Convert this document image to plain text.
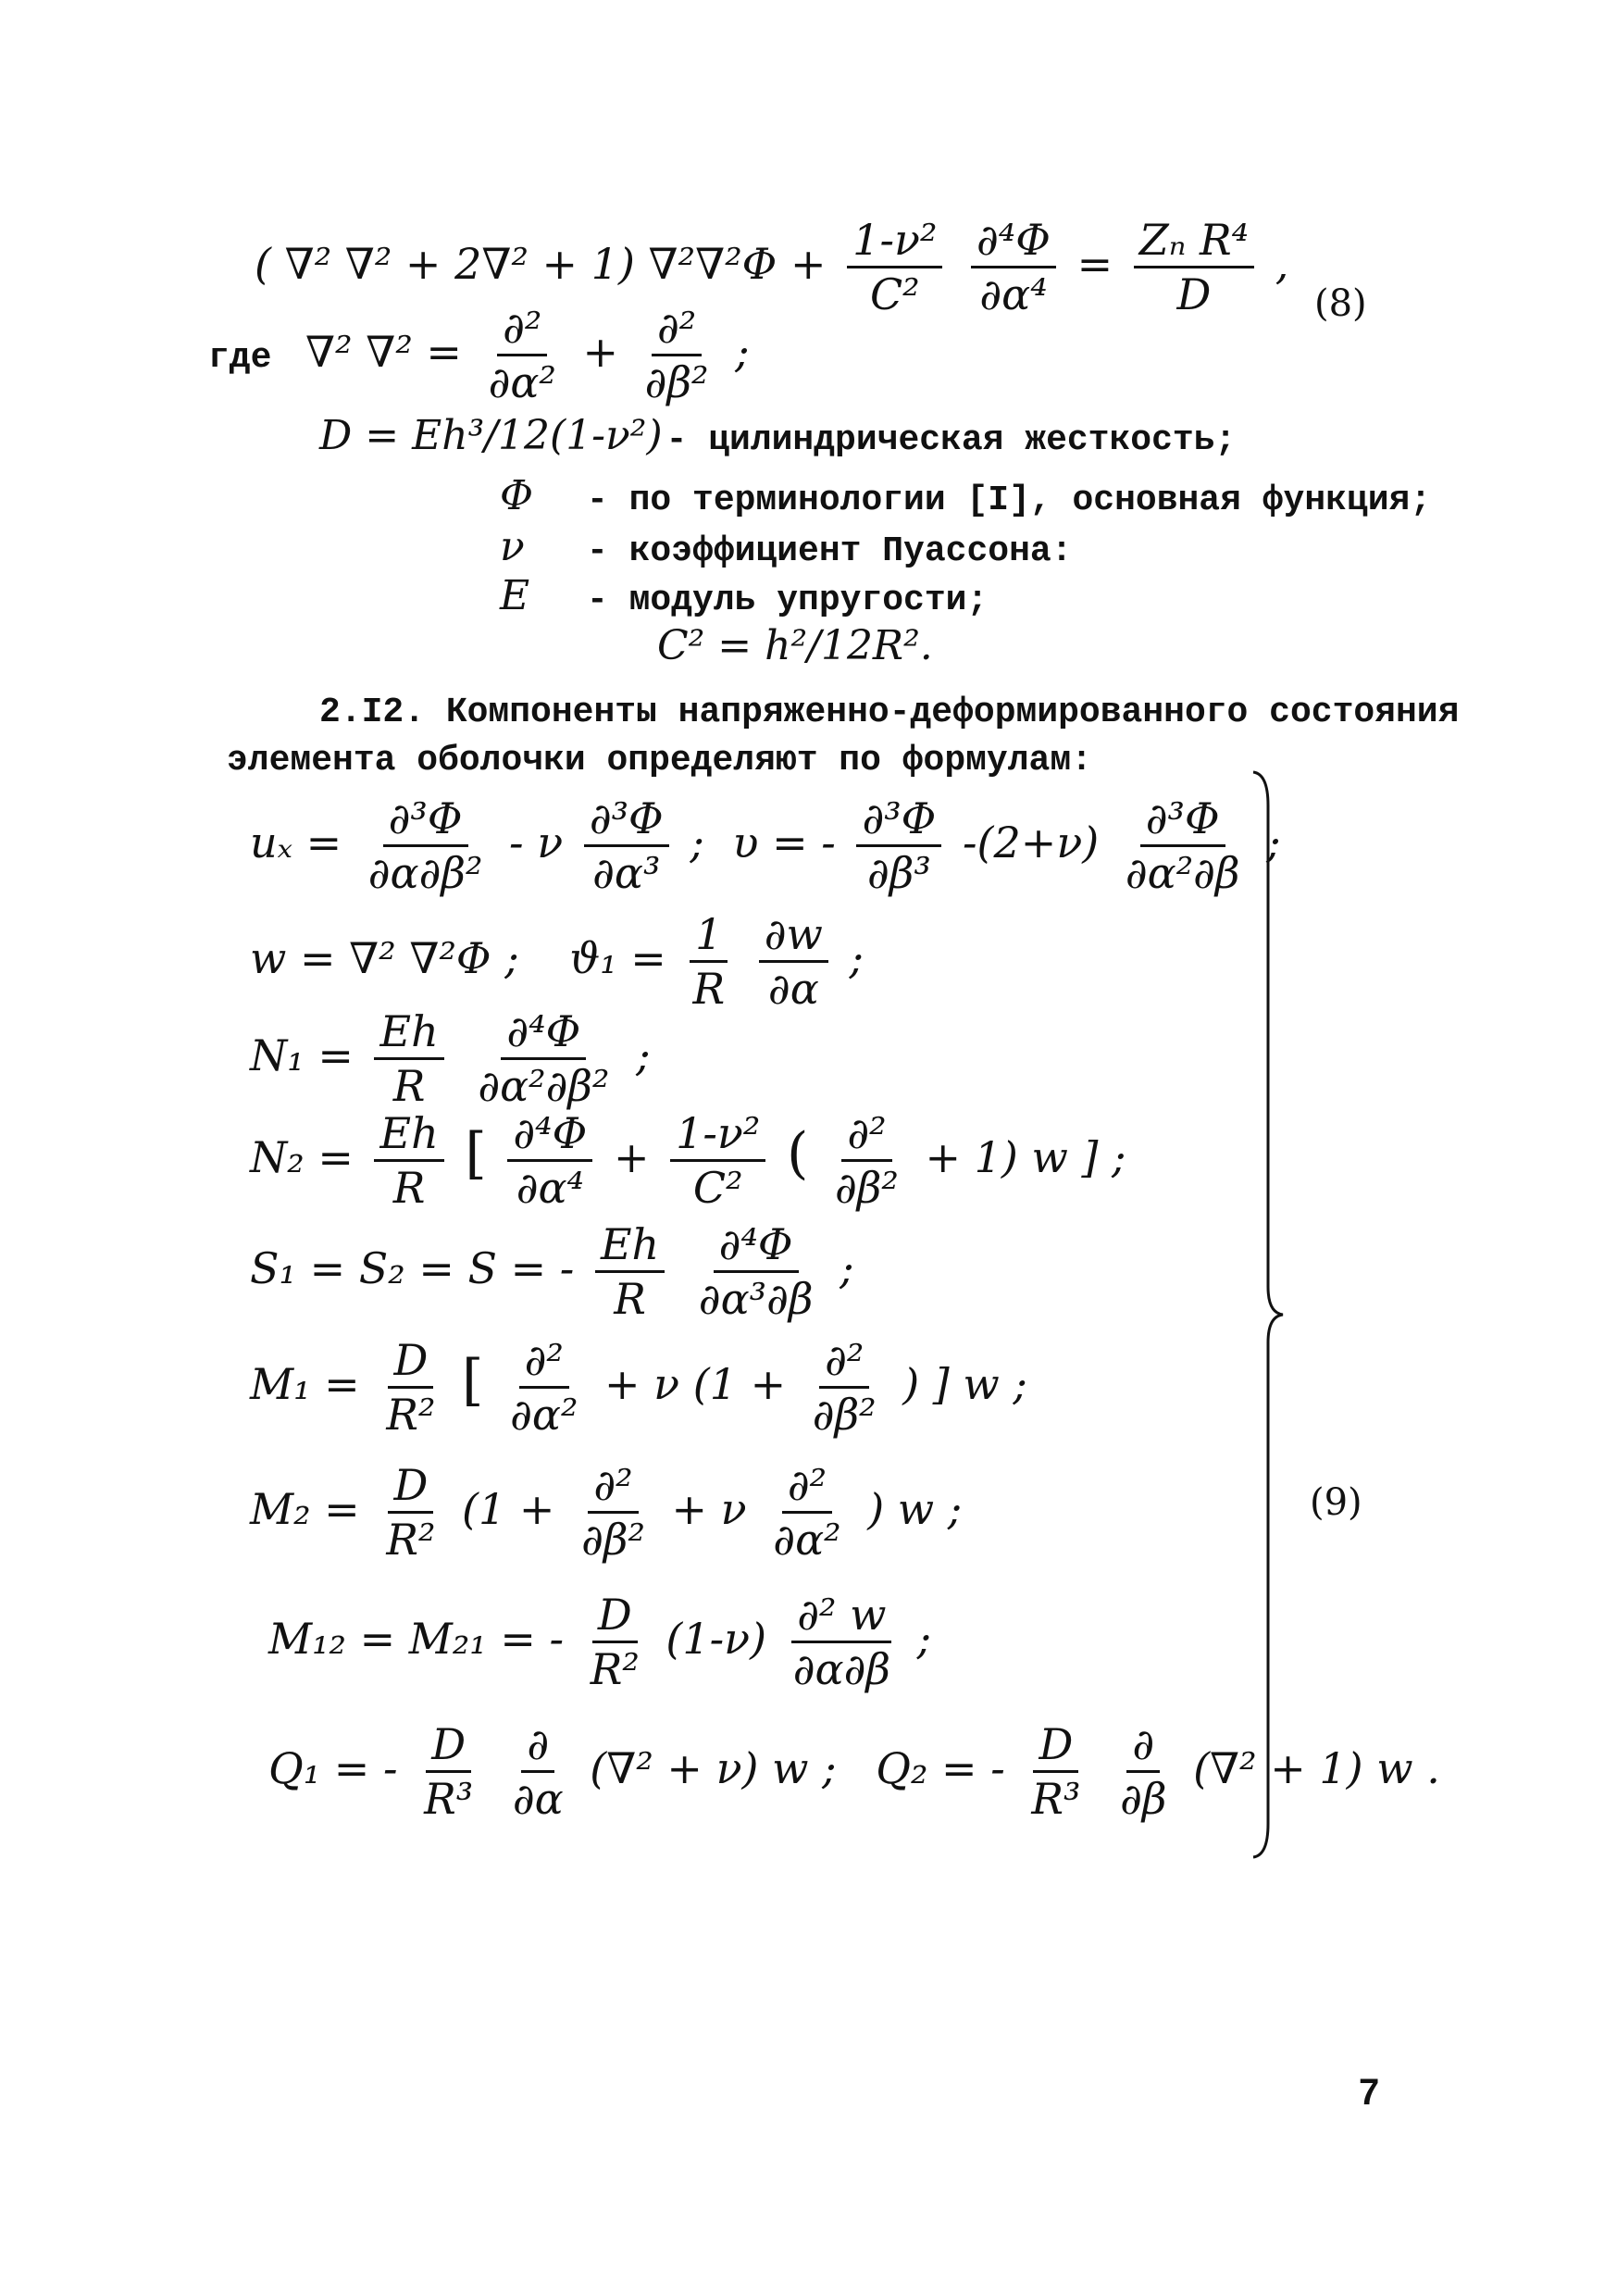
( ∇² ∇² + 2∇² + 1) $\nabla^2\nabla^2\Phi + \frac{\text{1-ν²}}{\text{C²}}$
$\frac{\text{∂⁴Φ}}{\text{∂α⁴}} = \frac{\text{Zₙ R⁴}}{D}$ ,
(8)
где ∇² $\nabla^2 = \frac{\text{∂²}}{\text{∂α²}} + \frac{\text{∂²}}{\text{∂β²}}$ ;
D = Eh³/12(1-ν²) - цилиндрическая жесткость;
Φ - по терминологии [I], основная функция;
ν - коэффициент Пуассона:
E - модуль упругости;
C² = h²/12R².
2.I2. Компоненты напряженно-деформированного состояния
элемента оболочки определяют по формулам:
$u_x = \frac{\text{∂³Φ}}{\text{∂α∂β²}} - \nu \frac{\text{∂³Φ}}{\text{∂α³}}$ ; υ = - $\frac{\text{∂³Φ}}{\text{∂β³}} -(2+\nu) \frac{\text{∂³Φ}}{\text{∂α²∂β}}$ ;
w = ∇² ∇²Φ ; $ϑ_1 = \frac{1}{R}$
$\frac{\partial w}{\partial\alpha}$ ;
$N_1 = \frac{Eh}{R}$
$\frac{\text{∂⁴Φ}}{\text{∂α²∂β²}}$ ;
$N_2 = \frac{Eh}{R}$ [ $\frac{\text{∂⁴Φ}}{\text{∂α⁴}} + \frac{\text{1-ν²}}{\text{C²}}$ ( $\frac{\text{∂²}}{\text{∂β²}} + 1$) w ] ;
S₁ = S₂ = S = - $\frac{Eh}{R}$
$\frac{\text{∂⁴Φ}}{\text{∂α³∂β}}$ ;
$M_1 = \frac{D}{\text{R²}}$ [ $\frac{\text{∂²}}{\text{∂α²}} + \nu$ ($1 + \frac{\text{∂²}}{\text{∂β²}}$ ) ] w ;
$M_2 = \frac{D}{\text{R²}} (1 + \frac{\text{∂²}}{\text{∂β²}} + \nu \frac{\text{∂²}}{\text{∂α²}}$ ) w ;	(9)
M₁₂ = M₂₁ = - $\frac{D}{\text{R²}} (1-\nu) \frac{\text{∂² w}}{\partial\alpha\partial\beta}$ ;
Q₁ = - $\frac{D}{\text{R³}}$
$\frac{\partial}{\partial\alpha} (\nabla^2 + \nu)$ w ; Q₂ = - $\frac{D}{\text{R³}}$
$\frac{\partial}{\partial\beta} (\nabla^2 + 1)$ w .
7
